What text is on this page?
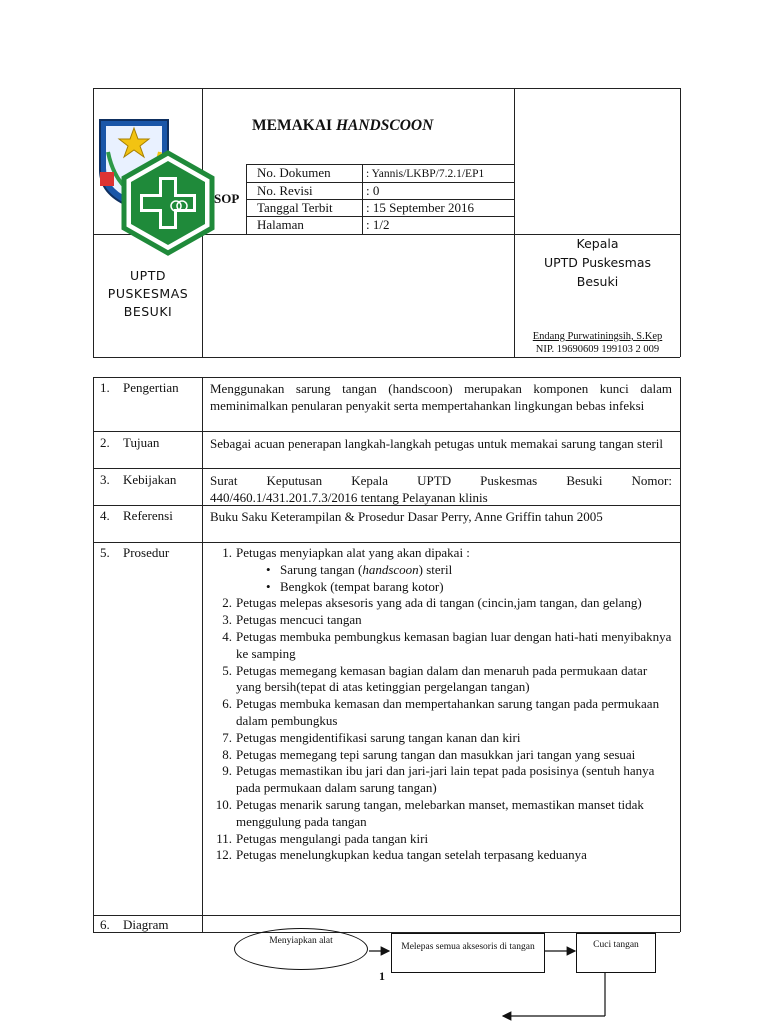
MEMAKAI HANDSCOON
SOP
No. Dokumen	: Yannis/LKBP/7.2.1/EP1
No. Revisi	: 0
Tanggal Terbit	: 15 September 2016
Halaman	: 1/2
UPTD
PUSKESMAS
BESUKI
Kepala
UPTD Puskesmas
Besuki
Endang Purwatiningsih, S.Kep
NIP. 19690609 199103 2 009
1. Pengertian Menggunakan sarung tangan (handscoon) merupakan komponen kunci dalam meminimalkan penularan penyakit serta mempertahankan lingkungan bebas infeksi
2. Tujuan	Sebagai acuan penerapan langkah-langkah petugas untuk memakai sarung tangan steril
3. Kebijakan	Surat Keputusan Kepala UPTD Puskesmas Besuki Nomor:
440/460.1/431.201.7.3/2016 tentang Pelayanan klinis
4. Referensi	Buku Saku Keterampilan & Prosedur Dasar Perry, Anne Griffin tahun 2005
5. Prosedur	1. Petugas menyiapkan alat yang akan dipakai :
• Sarung tangan (handscoon) steril
• Bengkok (tempat barang kotor)
2. Petugas melepas aksesoris yang ada di tangan (cincin,jam tangan, dan gelang)
3. Petugas mencuci tangan
4. Petugas membuka pembungkus kemasan bagian luar dengan hati-hati menyibaknya ke samping
5. Petugas memegang kemasan bagian dalam dan menaruh pada permukaan datar yang bersih(tepat di atas ketinggian pergelangan tangan)
6. Petugas membuka kemasan dan mempertahankan sarung tangan pada permukaan dalam pembungkus
7. Petugas mengidentifikasi sarung tangan kanan dan kiri
8. Petugas memegang tepi sarung tangan dan masukkan jari tangan yang sesuai
9. Petugas memastikan ibu jari dan jari-jari lain tepat pada posisinya (sentuh hanya pada permukaan dalam sarung tangan)
10. Petugas menarik sarung tangan, melebarkan manset, memastikan manset tidak menggulung pada tangan
11. Petugas mengulangi pada tangan kiri
12. Petugas menelungkupkan kedua tangan setelah terpasang keduanya
6. Diagram
Menyiapkan alat
Melepas semua aksesoris di tangan	Cuci tangan
1
